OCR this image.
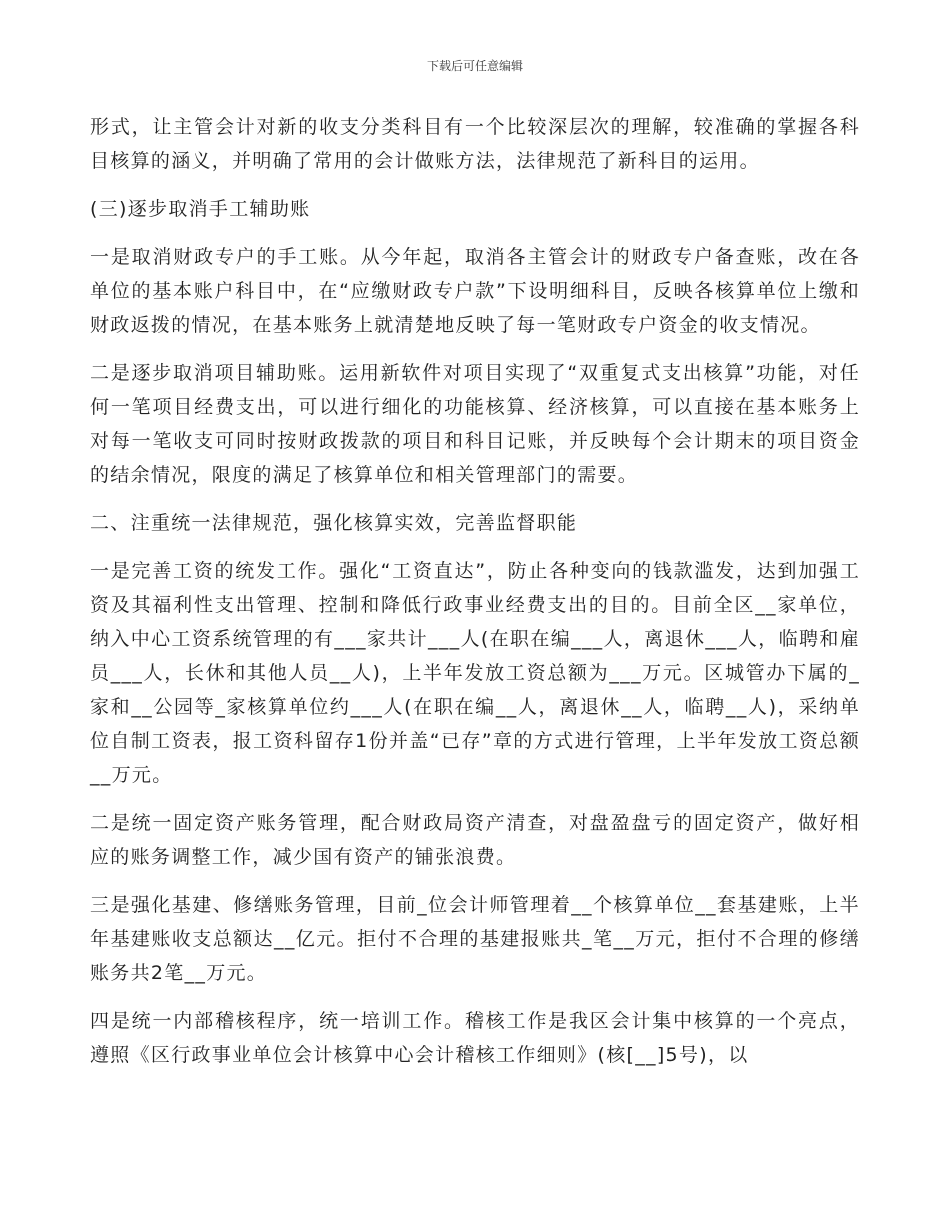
下载后可任意编辑

形式，让主管会计对新的收支分类科目有一个比较深层次的理解，较准确的掌握各科目核算的涵义，并明确了常用的会计做账方法，法律规范了新科目的运用。

(三)逐步取消手工辅助账

一是取消财政专户的手工账。从今年起，取消各主管会计的财政专户备查账，改在各单位的基本账户科目中，在“应缴财政专户款”下设明细科目，反映各核算单位上缴和财政返拨的情况，在基本账务上就清楚地反映了每一笔财政专户资金的收支情况。

二是逐步取消项目辅助账。运用新软件对项目实现了“双重复式支出核算”功能，对任何一笔项目经费支出，可以进行细化的功能核算、经济核算，可以直接在基本账务上对每一笔收支可同时按财政拨款的项目和科目记账，并反映每个会计期末的项目资金的结余情况，限度的满足了核算单位和相关管理部门的需要。

二、注重统一法律规范，强化核算实效，完善监督职能

一是完善工资的统发工作。强化“工资直达”，防止各种变向的钱款滥发，达到加强工资及其福利性支出管理、控制和降低行政事业经费支出的目的。目前全区__家单位，纳入中心工资系统管理的有___家共计___人(在职在编___人，离退休___人，临聘和雇员___人，长休和其他人员__人)，上半年发放工资总额为___万元。区城管办下属的_家和__公园等_家核算单位约___人(在职在编__人，离退休__人，临聘__人)，采纳单位自制工资表，报工资科留存1份并盖“已存”章的方式进行管理，上半年发放工资总额__万元。

二是统一固定资产账务管理，配合财政局资产清查，对盘盈盘亏的固定资产，做好相应的账务调整工作，减少国有资产的铺张浪费。

三是强化基建、修缮账务管理，目前_位会计师管理着__个核算单位__套基建账，上半年基建账收支总额达__亿元。拒付不合理的基建报账共_笔__万元，拒付不合理的修缮账务共2笔__万元。

四是统一内部稽核程序，统一培训工作。稽核工作是我区会计集中核算的一个亮点，遵照《区行政事业单位会计核算中心会计稽核工作细则》(核[__]5号)，以
